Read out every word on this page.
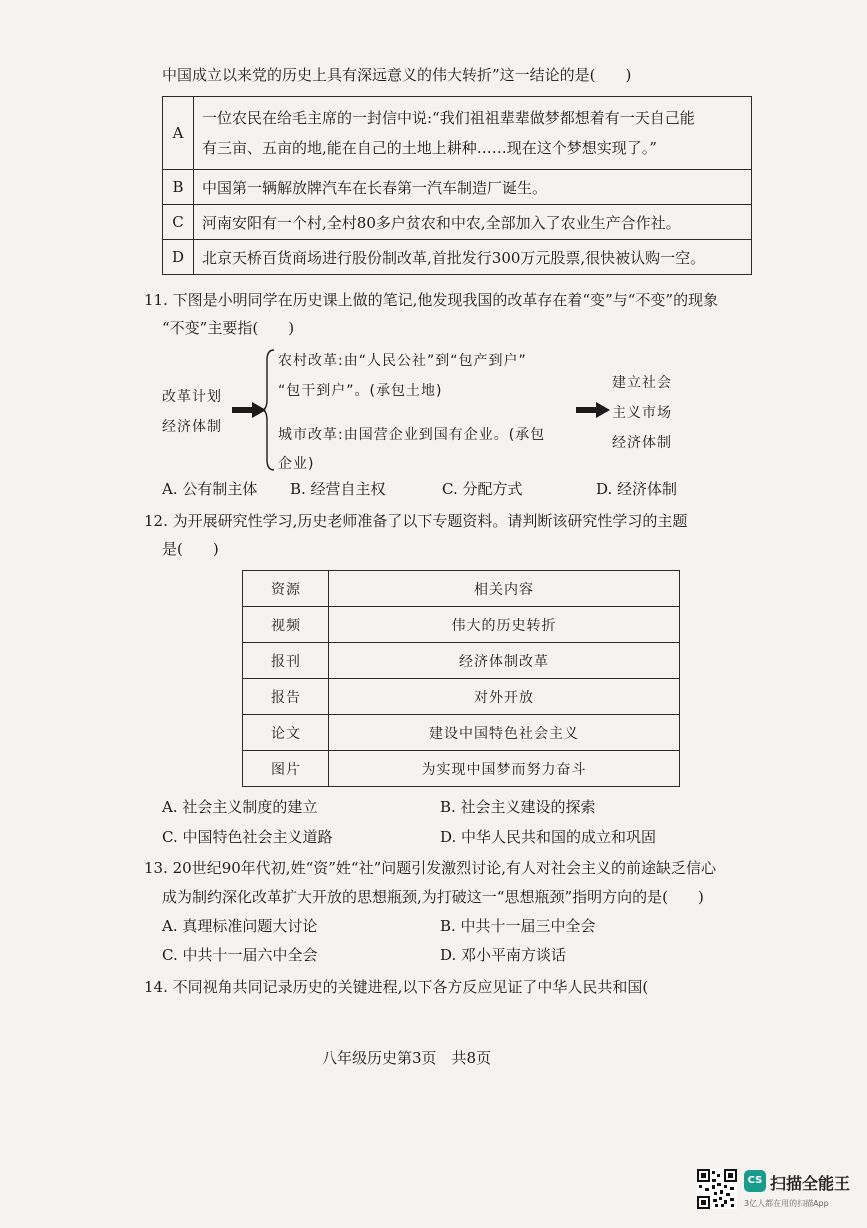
中国成立以来党的历史上具有深远意义的伟大转折”这一结论的是(　　)
A	一位农民在给毛主席的一封信中说:“我们祖祖辈辈做梦都想着有一天自己能
有三亩、五亩的地,能在自己的土地上耕种……现在这个梦想实现了。”

B	中国第一辆解放牌汽车在长春第一汽车制造厂诞生。
C	河南安阳有一个村,全村80多户贫农和中农,全部加入了农业生产合作社。
D	北京天桥百货商场进行股份制改革,首批发行300万元股票,很快被认购一空。
11. 下图是小明同学在历史课上做的笔记,他发现我国的改革存在着“变”与“不变”的现象
“不变”主要指(　　)
改革计划
经济体制
农村改革:由“人民公社”到“包产到户”
“包干到户”。(承包土地)
城市改革:由国营企业到国有企业。(承包
企业)
建立社会
主义市场
经济体制
A. 公有制主体 B. 经营自主权	C. 分配方式	D. 经济体制
12. 为开展研究性学习,历史老师准备了以下专题资料。请判断该研究性学习的主题
是(　　)
资源	相关内容
视频	伟大的历史转折
报刊	经济体制改革
报告	对外开放
论文	建设中国特色社会主义
图片	为实现中国梦而努力奋斗
A. 社会主义制度的建立	B. 社会主义建设的探索
C. 中国特色社会主义道路	D. 中华人民共和国的成立和巩固
13. 20世纪90年代初,姓“资”姓“社”问题引发激烈讨论,有人对社会主义的前途缺乏信心
成为制约深化改革扩大开放的思想瓶颈,为打破这一“思想瓶颈”指明方向的是(　　)
A. 真理标准问题大讨论	B. 中共十一届三中全会
C. 中共十一届六中全会	D. 邓小平南方谈话
14. 不同视角共同记录历史的关键进程,以下各方反应见证了中华人民共和国(
八年级历史第3页　共8页
CS 扫描全能王
3亿人都在用的扫描App
